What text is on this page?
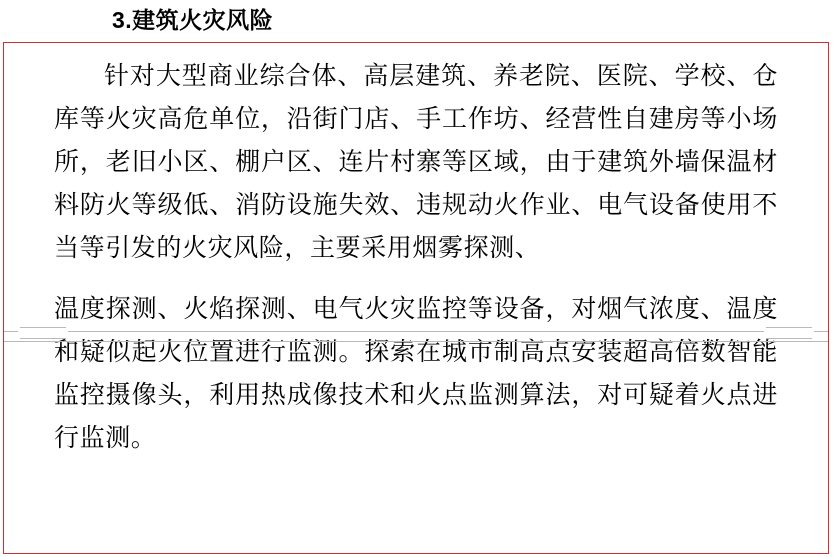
3.建筑火灾风险

针对大型商业综合体、高层建筑、养老院、医院、学校、仓库等火灾高危单位，沿街门店、手工作坊、经营性自建房等小场所，老旧小区、棚户区、连片村寨等区域，由于建筑外墙保温材料防火等级低、消防设施失效、违规动火作业、电气设备使用不当等引发的火灾风险，主要采用烟雾探测、

温度探测、火焰探测、电气火灾监控等设备，对烟气浓度、温度和疑似起火位置进行监测。探索在城市制高点安装超高倍数智能监控摄像头，利用热成像技术和火点监测算法，对可疑着火点进行监测。
